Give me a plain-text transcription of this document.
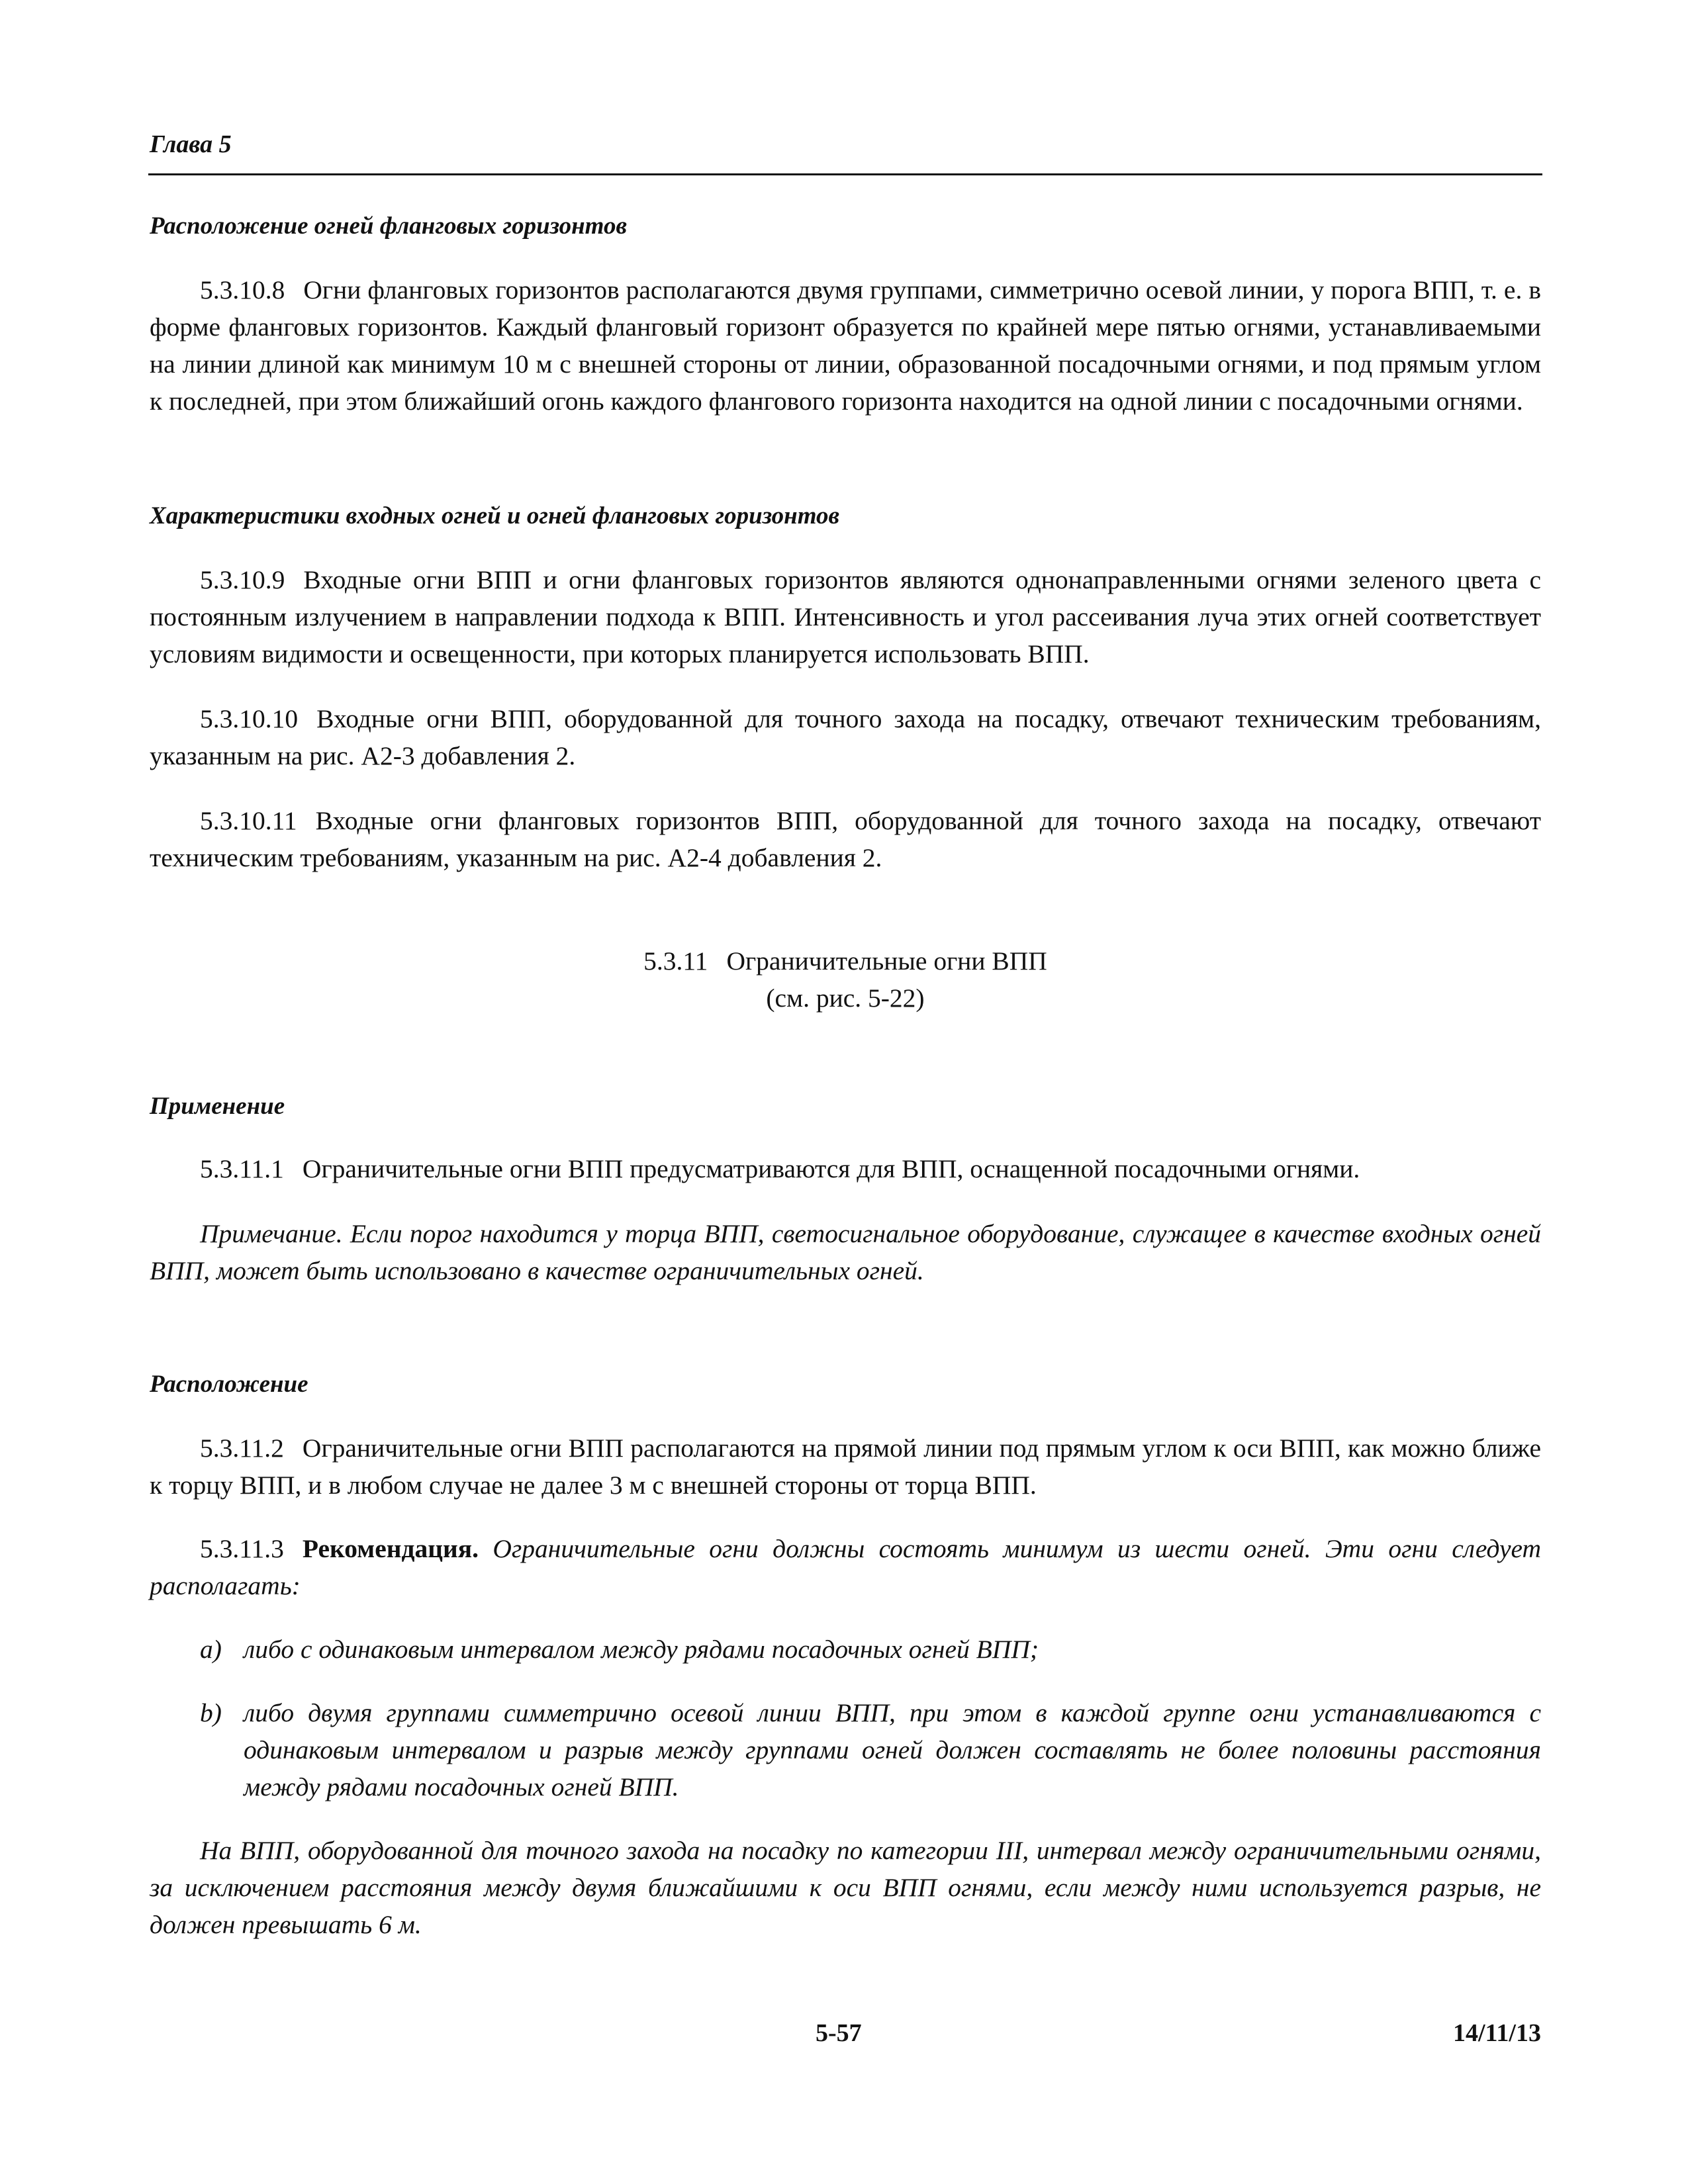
Глава 5

Расположение огней фланговых горизонтов

5.3.10.8 Огни фланговых горизонтов располагаются двумя группами, симметрично осевой линии, у порога ВПП, т. е. в форме фланговых горизонтов. Каждый фланговый горизонт образуется по крайней мере пятью огнями, устанавливаемыми на линии длиной как минимум 10 м с внешней стороны от линии, образованной посадочными огнями, и под прямым углом к последней, при этом ближайший огонь каждого флангового горизонта находится на одной линии с посадочными огнями.

Характеристики входных огней и огней фланговых горизонтов

5.3.10.9 Входные огни ВПП и огни фланговых горизонтов являются однонаправленными огнями зеленого цвета с постоянным излучением в направлении подхода к ВПП. Интенсивность и угол рассеивания луча этих огней соответствует условиям видимости и освещенности, при которых планируется использовать ВПП.

5.3.10.10 Входные огни ВПП, оборудованной для точного захода на посадку, отвечают техническим требованиям, указанным на рис. A2-3 добавления 2.

5.3.10.11 Входные огни фланговых горизонтов ВПП, оборудованной для точного захода на посадку, отвечают техническим требованиям, указанным на рис. A2-4 добавления 2.

5.3.11 Ограничительные огни ВПП

(см. рис. 5-22)

Применение

5.3.11.1 Ограничительные огни ВПП предусматриваются для ВПП, оснащенной посадочными огнями.

Примечание. Если порог находится у торца ВПП, светосигнальное оборудование, служащее в качестве входных огней ВПП, может быть использовано в качестве ограничительных огней.

Расположение

5.3.11.2 Ограничительные огни ВПП располагаются на прямой линии под прямым углом к оси ВПП, как можно ближе к торцу ВПП, и в любом случае не далее 3 м с внешней стороны от торца ВПП.

5.3.11.3 Рекомендация. Ограничительные огни должны состоять минимум из шести огней. Эти огни следует располагать:

a) либо с одинаковым интервалом между рядами посадочных огней ВПП;
b) либо двумя группами симметрично осевой линии ВПП, при этом в каждой группе огни устанавливаются с одинаковым интервалом и разрыв между группами огней должен составлять не более половины расстояния между рядами посадочных огней ВПП.

На ВПП, оборудованной для точного захода на посадку по категории III, интервал между ограничительными огнями, за исключением расстояния между двумя ближайшими к оси ВПП огнями, если между ними используется разрыв, не должен превышать 6 м.

5-57	14/11/13
